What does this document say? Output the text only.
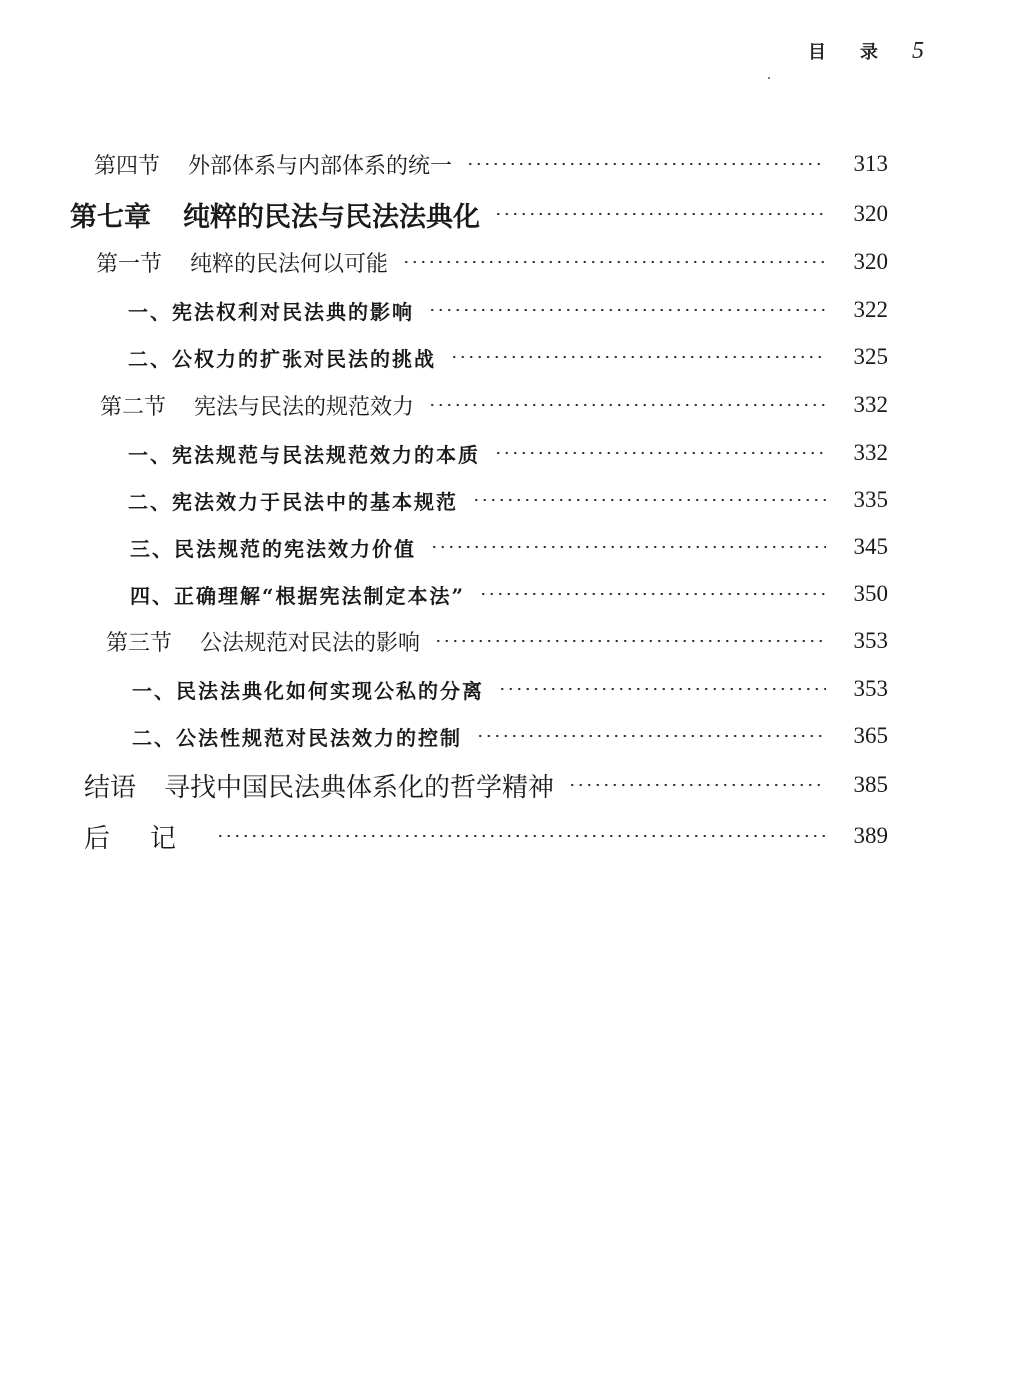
目录 5
第四节 外部体系与内部体系的统一	313
第七章 纯粹的民法与民法法典化	320
第一节 纯粹的民法何以可能	320
一、 宪法权利对民法典的影响	322
二、 公权力的扩张对民法的挑战	325
第二节 宪法与民法的规范效力	332
一、 宪法规范与民法规范效力的本质	332
二、 宪法效力于民法中的基本规范	335
三、 民法规范的宪法效力价值	345
四、 正确理解“根据宪法制定本法”	350
第三节 公法规范对民法的影响	353
一、 民法法典化如何实现公私的分离	353
二、 公法性规范对民法效力的控制	365
结语 寻找中国民法典体系化的哲学精神	385
后记	389
